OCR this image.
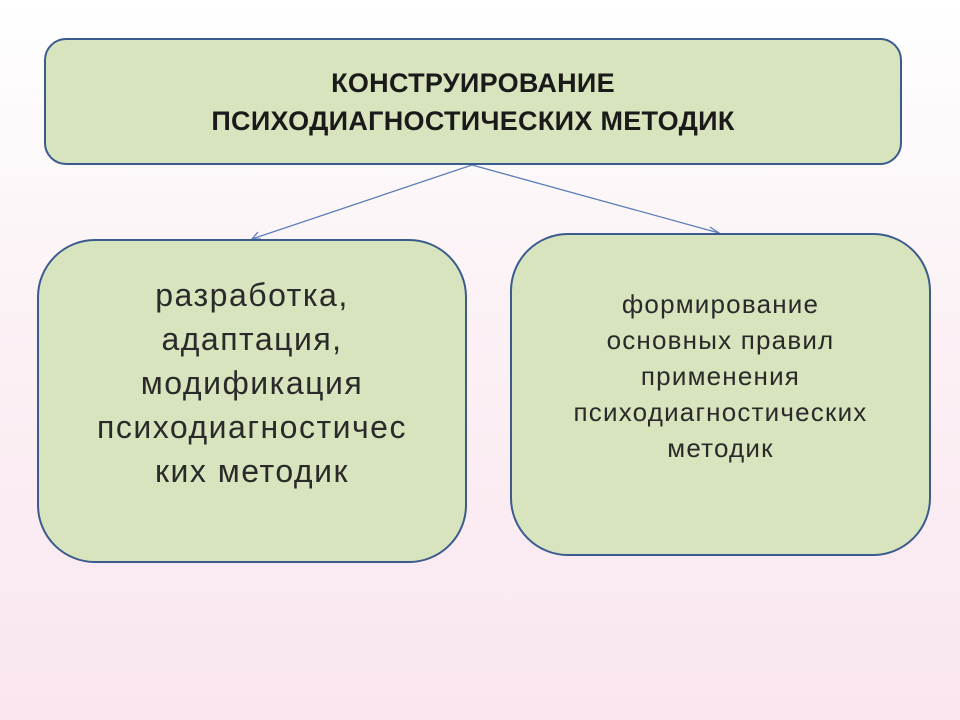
КОНСТРУИРОВАНИЕ
ПСИХОДИАГНОСТИЧЕСКИХ МЕТОДИК
разработка,
адаптация,
модификация
психодиагностичес
ких методик
формирование
основных правил
применения
психодиагностических
методик
